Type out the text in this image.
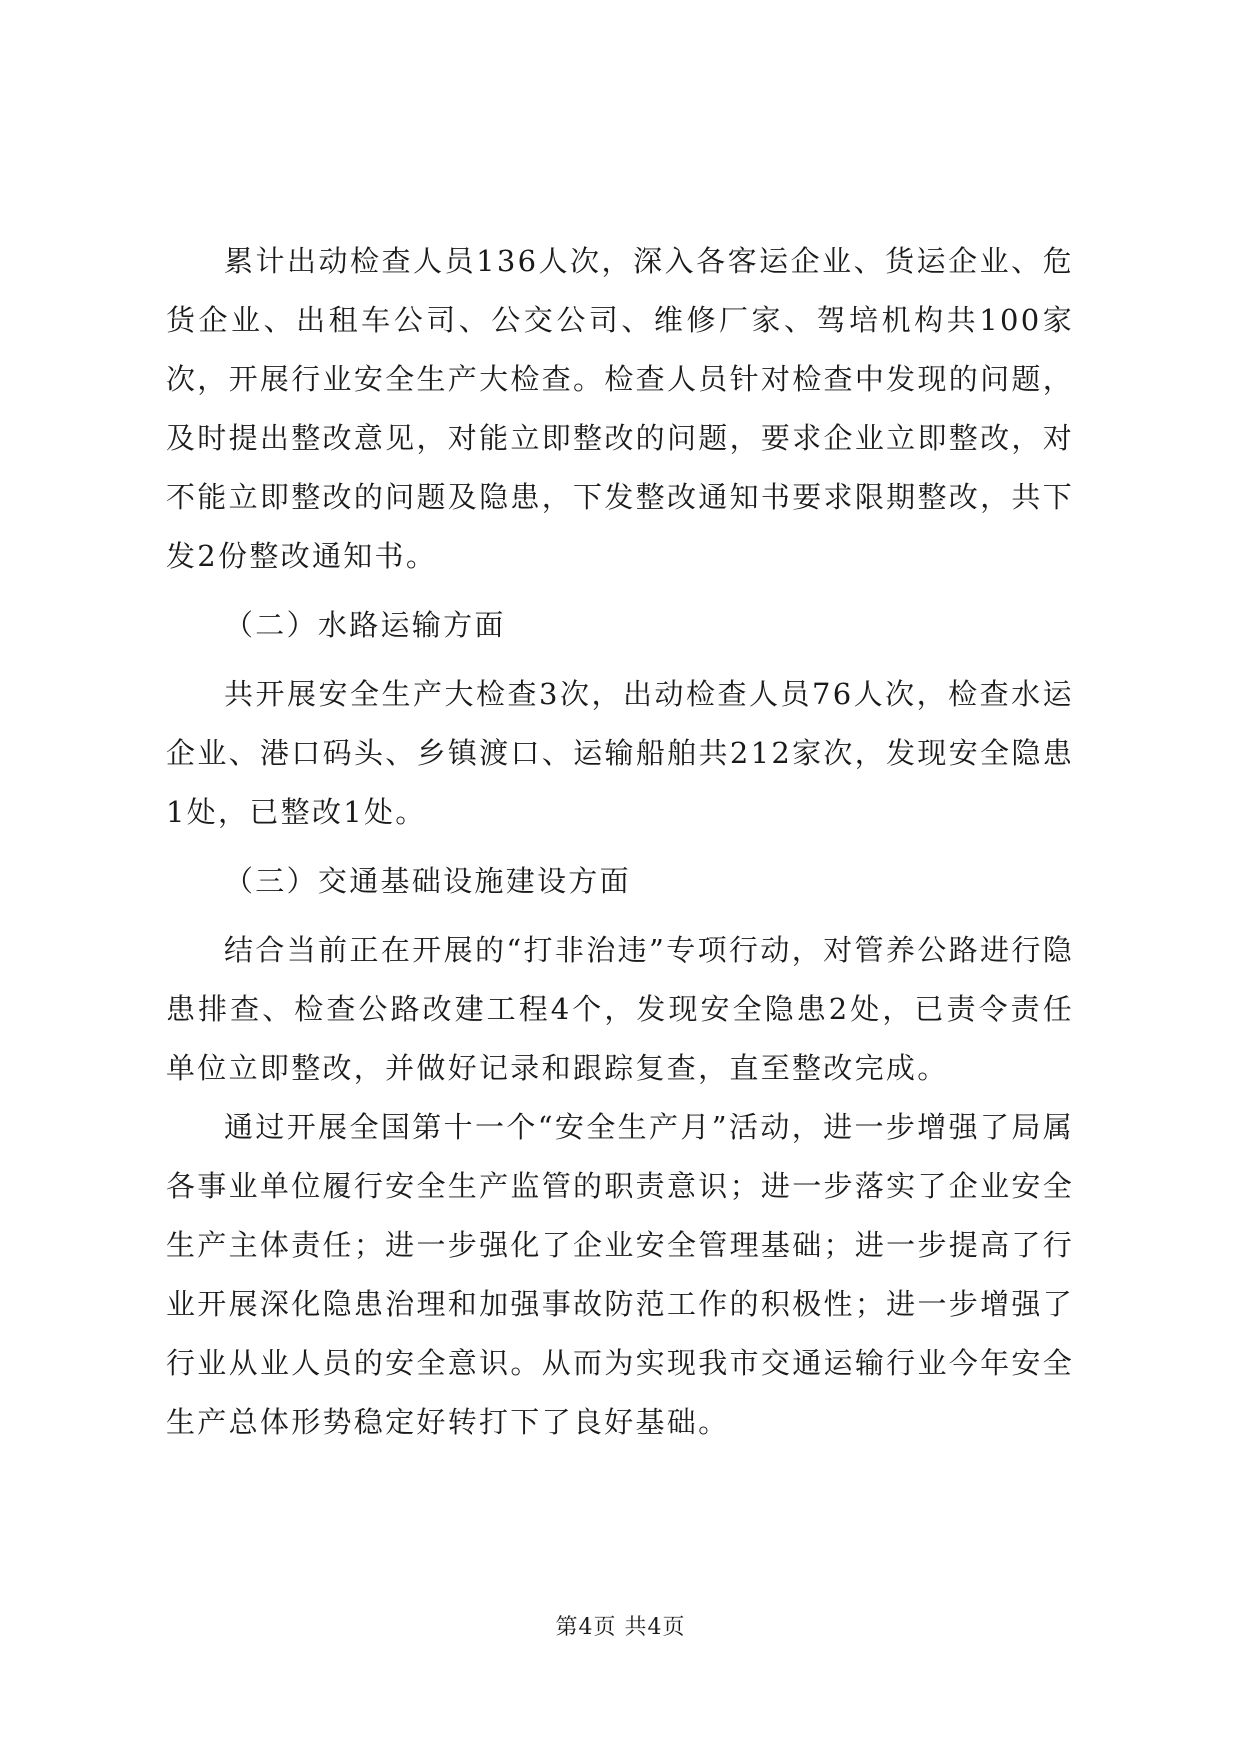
累计出动检查人员136人次，深入各客运企业、货运企业、危货企业、出租车公司、公交公司、维修厂家、驾培机构共100家次，开展行业安全生产大检查。检查人员针对检查中发现的问题，及时提出整改意见，对能立即整改的问题，要求企业立即整改，对不能立即整改的问题及隐患，下发整改通知书要求限期整改，共下发2份整改通知书。

（二）水路运输方面

共开展安全生产大检查3次，出动检查人员76人次，检查水运企业、港口码头、乡镇渡口、运输船舶共212家次，发现安全隐患1处，已整改1处。

（三）交通基础设施建设方面

结合当前正在开展的“打非治违”专项行动，对管养公路进行隐患排查、检查公路改建工程4个，发现安全隐患2处，已责令责任单位立即整改，并做好记录和跟踪复查，直至整改完成。

通过开展全国第十一个“安全生产月”活动，进一步增强了局属各事业单位履行安全生产监管的职责意识；进一步落实了企业安全生产主体责任；进一步强化了企业安全管理基础；进一步提高了行业开展深化隐患治理和加强事故防范工作的积极性；进一步增强了行业从业人员的安全意识。从而为实现我市交通运输行业今年安全生产总体形势稳定好转打下了良好基础。

第4页 共4页
